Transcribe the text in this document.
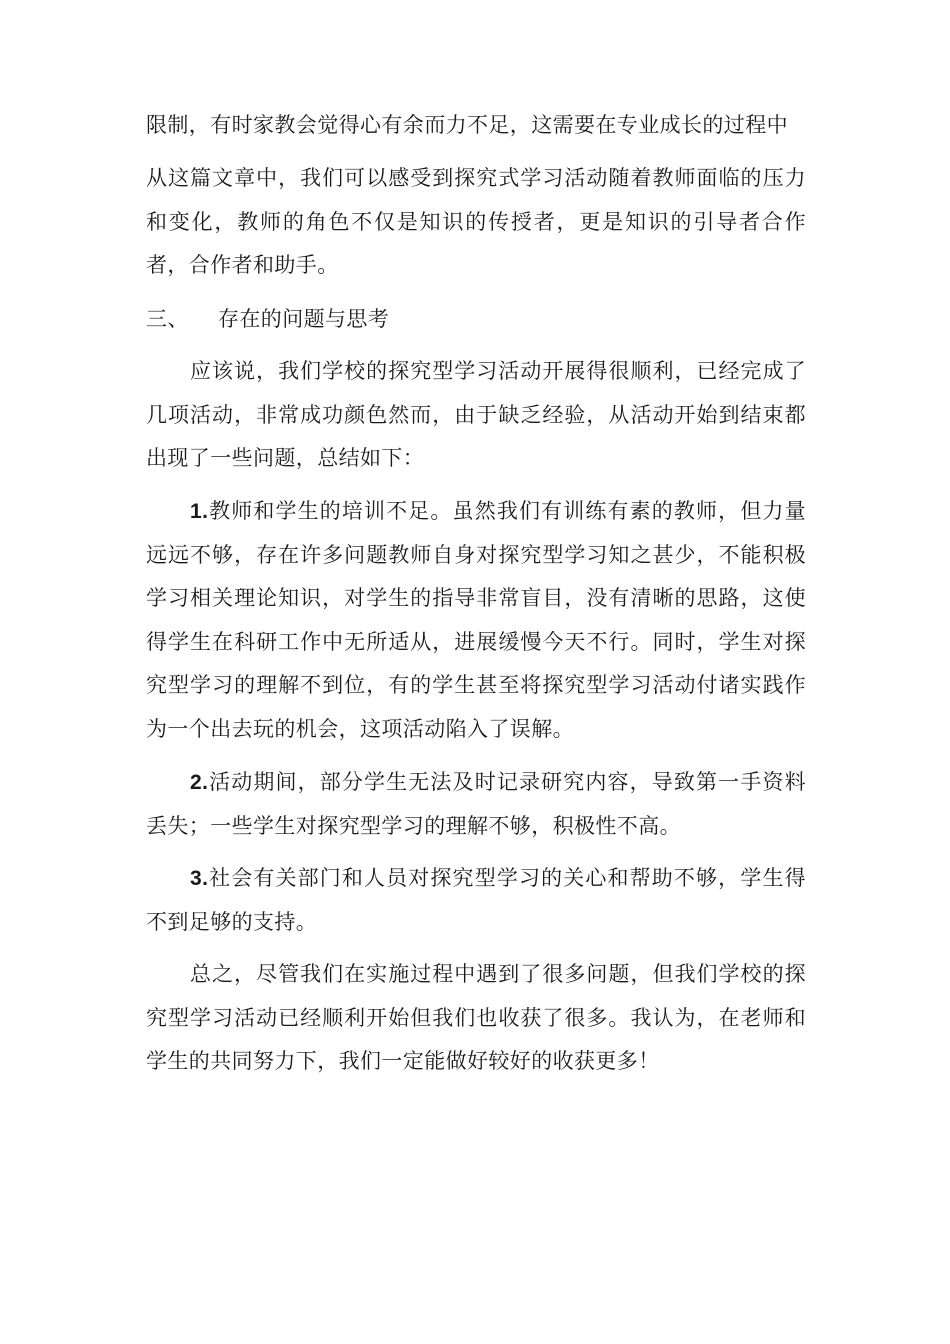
限制，有时家教会觉得心有余而力不足，这需要在专业成长的过程中

从这篇文章中，我们可以感受到探究式学习活动随着教师面临的压力和变化，教师的角色不仅是知识的传授者，更是知识的引导者合作者，合作者和助手。

三、 存在的问题与思考

应该说，我们学校的探究型学习活动开展得很顺利，已经完成了几项活动，非常成功颜色然而，由于缺乏经验，从活动开始到结束都出现了一些问题，总结如下：

1.教师和学生的培训不足。虽然我们有训练有素的教师，但力量远远不够，存在许多问题教师自身对探究型学习知之甚少，不能积极学习相关理论知识，对学生的指导非常盲目，没有清晰的思路，这使得学生在科研工作中无所适从，进展缓慢今天不行。同时，学生对探究型学习的理解不到位，有的学生甚至将探究型学习活动付诸实践作为一个出去玩的机会，这项活动陷入了误解。

2.活动期间，部分学生无法及时记录研究内容，导致第一手资料丢失；一些学生对探究型学习的理解不够，积极性不高。

3.社会有关部门和人员对探究型学习的关心和帮助不够，学生得不到足够的支持。

总之，尽管我们在实施过程中遇到了很多问题，但我们学校的探究型学习活动已经顺利开始但我们也收获了很多。我认为，在老师和学生的共同努力下，我们一定能做好较好的收获更多！
